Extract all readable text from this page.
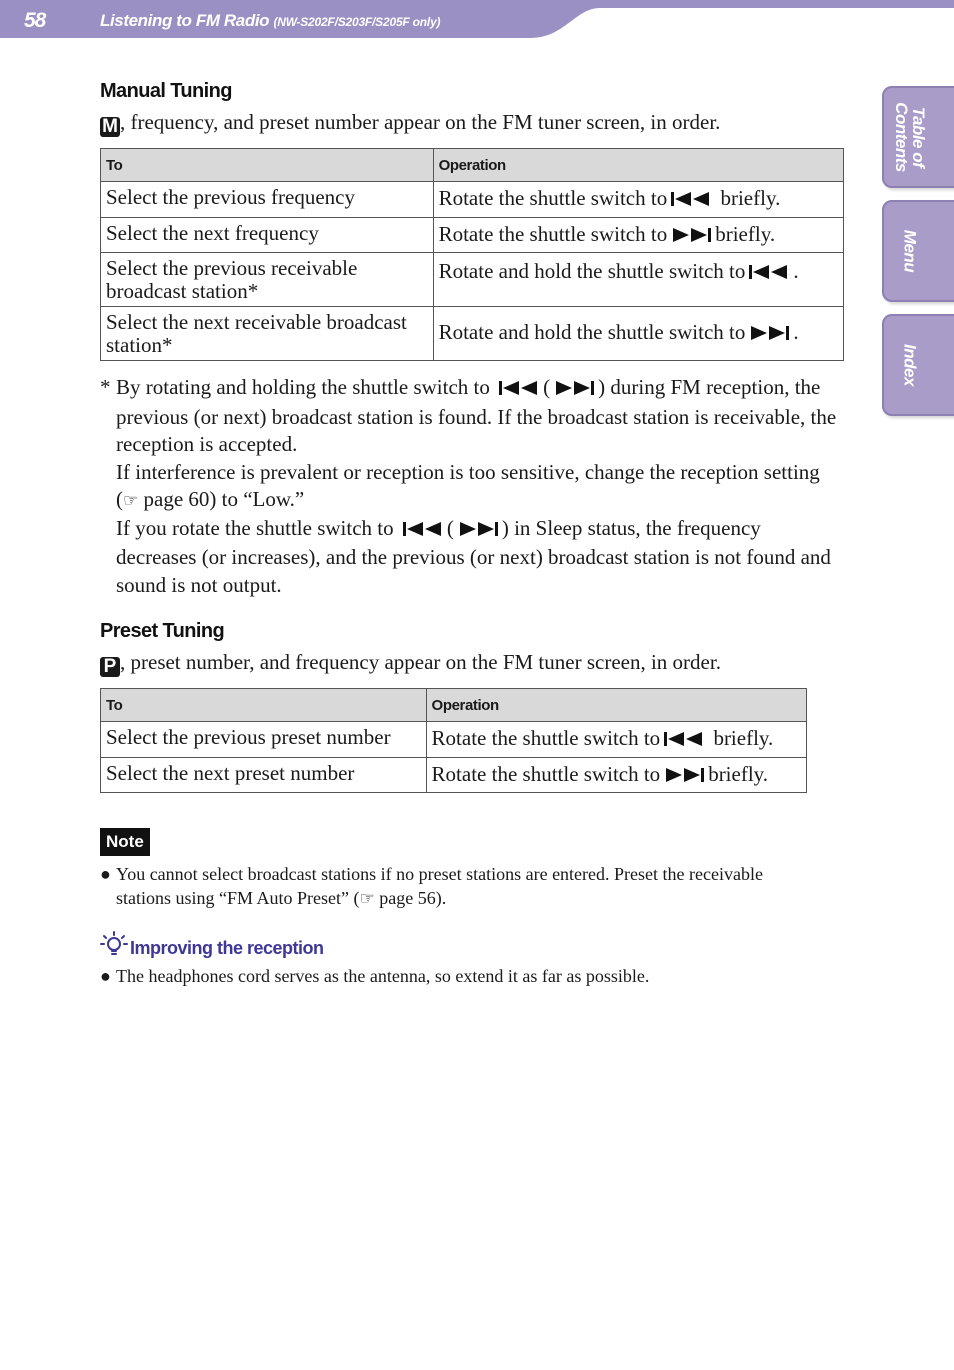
58	Listening to FM Radio (NW-S202F/S203F/S205F only)
Table of
Contents
Menu
Index
Manual Tuning
M, frequency, and preset number appear on the FM tuner screen, in order.
To	Operation
Select the previous frequency	Rotate the shuttle switch to briefly.
Select the next frequency	Rotate the shuttle switch to briefly.
Select the previous receivable broadcast station*	Rotate and hold the shuttle switch to .
Select the next receivable broadcast station*	Rotate and hold the shuttle switch to .
* By rotating and holding the shuttle switch to	( ) during FM reception, the previous (or next) broadcast station is found. If the broadcast station is receivable, the reception is accepted.
If interference is prevalent or reception is too sensitive, change the reception setting (☞ page 60) to “Low.”
If you rotate the shuttle switch to	( ) in Sleep status, the frequency decreases (or increases), and the previous (or next) broadcast station is not found and sound is not output.
Preset Tuning
P , preset number, and frequency appear on the FM tuner screen, in order.
To	Operation
Select the previous preset number	Rotate the shuttle switch to briefly.
Select the next preset number	Rotate the shuttle switch to briefly.
Note
● You cannot select broadcast stations if no preset stations are entered. Preset the receivable stations using “FM Auto Preset” (☞ page 56).
Improving the reception
● The headphones cord serves as the antenna, so extend it as far as possible.
